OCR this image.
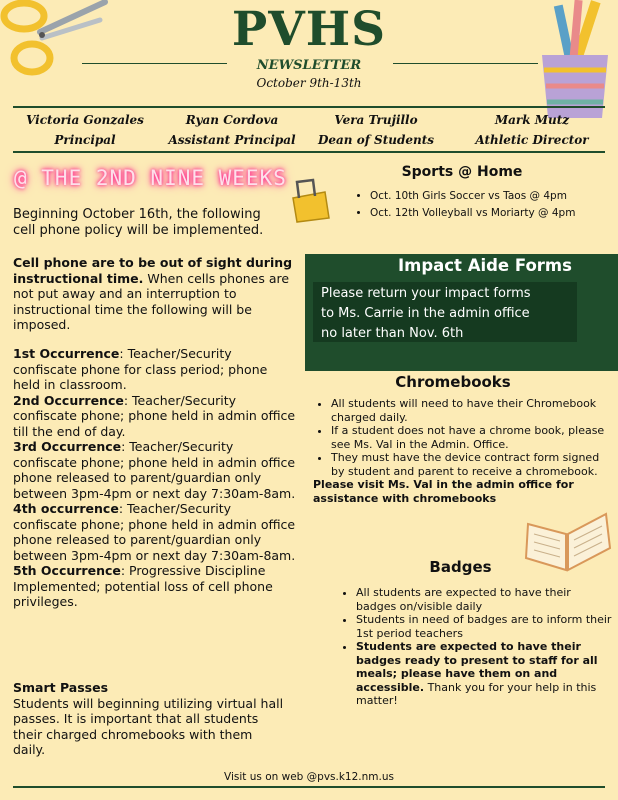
PVHS
NEWSLETTER
October 9th-13th
Victoria Gonzales
Principal
Ryan Cordova
Assistant Principal
Vera Trujillo
Dean of Students
Mark Mutz
Athletic Director
@ THE 2ND NINE WEEKS
Beginning October 16th, the following cell phone policy will be implemented.
Cell phone are to be out of sight during instructional time. When cells phones are not put away and an interruption to instructional time the following will be imposed.
1st Occurrence: Teacher/Security confiscate phone for class period; phone held in classroom.
2nd Occurrence: Teacher/Security confiscate phone; phone held in admin office till the end of day.
3rd Occurrence: Teacher/Security confiscate phone; phone held in admin office phone released to parent/guardian only between 3pm-4pm or next day 7:30am-8am.
4th occurrence: Teacher/Security confiscate phone; phone held in admin office phone released to parent/guardian only between 3pm-4pm or next day 7:30am-8am.
5th Occurrence: Progressive Discipline Implemented; potential loss of cell phone privileges.
Smart Passes
Students will beginning utilizing virtual hall passes. It is important that all students their charged chromebooks with them daily.
Sports @ Home
• Oct. 10th Girls Soccer vs Taos @ 4pm
• Oct. 12th Volleyball vs Moriarty @ 4pm
Impact Aide Forms
Please return your impact forms
to Ms. Carrie in the admin office
no later than Nov. 6th
Chromebooks
• All students will need to have their Chromebook charged daily.
• If a student does not have a chrome book, please see Ms. Val in the Admin. Office.
• They must have the device contract form signed by student and parent to receive a chromebook.
Please visit Ms. Val in the admin office for assistance with chromebooks
Badges
• All students are expected to have their badges on/visible daily
• Students in need of badges are to inform their 1st period teachers
• Students are expected to have their badges ready to present to staff for all meals; please have them on and accessible. Thank you for your help in this matter!
Visit us on web @pvs.k12.nm.us
